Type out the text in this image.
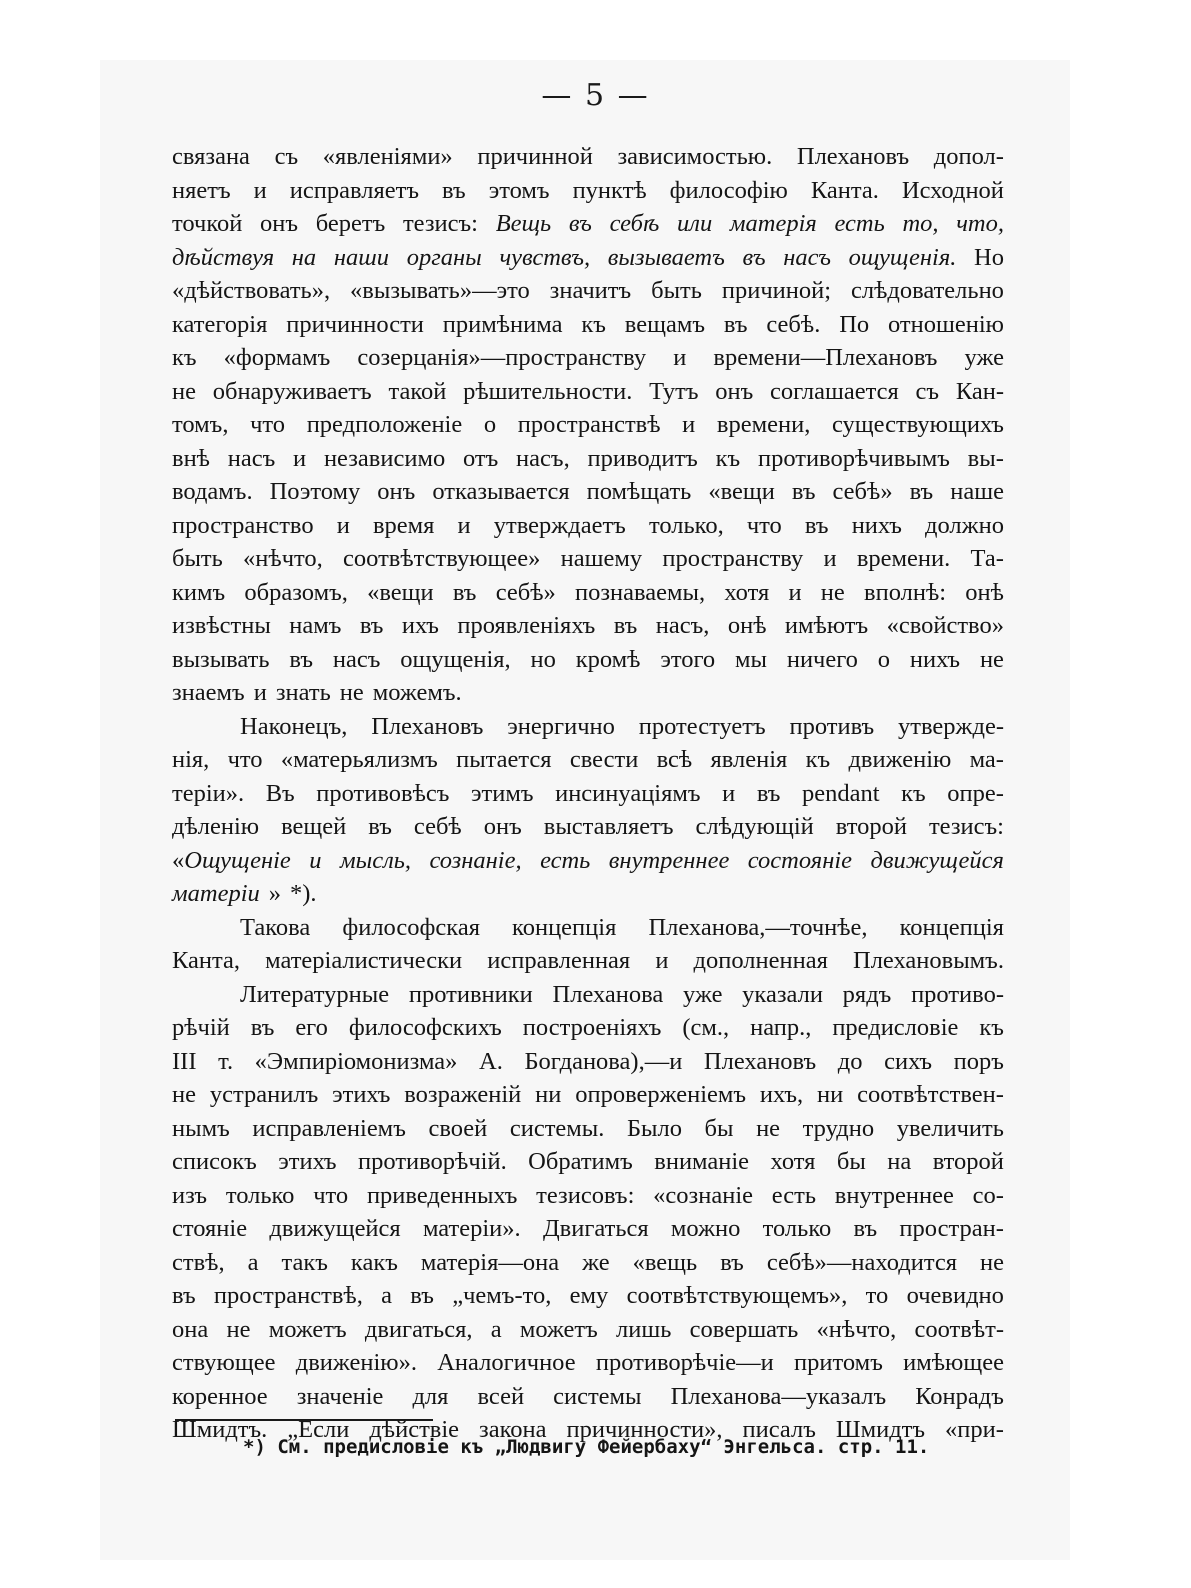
— 5 —
связана съ «явленіями» причинной зависимостью. Плехановъ допол-
няетъ и исправляетъ въ этомъ пунктѣ философію Канта. Исходной
точкой онъ беретъ тезисъ: Вещь въ себѣ или матерія есть то, что,
дѣйствуя на наши органы чувствъ, вызываетъ въ насъ ощущенія. Но
«дѣйствовать», «вызывать»—это значитъ быть причиной; слѣдовательно
категорія причинности примѣнима къ вещамъ въ себѣ. По отношенію
къ «формамъ созерцанія»—пространству и времени—Плехановъ уже
не обнаруживаетъ такой рѣшительности. Тутъ онъ соглашается съ Кан-
томъ, что предположеніе о пространствѣ и времени, существующихъ
внѣ насъ и независимо отъ насъ, приводитъ къ противорѣчивымъ вы-
водамъ. Поэтому онъ отказывается помѣщать «вещи въ себѣ» въ наше
пространство и время и утверждаетъ только, что въ нихъ должно
быть «нѣчто, соотвѣтствующее» нашему пространству и времени. Та-
кимъ образомъ, «вещи въ себѣ» познаваемы, хотя и не вполнѣ: онѣ
извѣстны намъ въ ихъ проявленіяхъ въ насъ, онѣ имѣютъ «свойство»
вызывать въ насъ ощущенія, но кромѣ этого мы ничего о нихъ не
знаемъ и знать не можемъ.
Наконецъ, Плехановъ энергично протестуетъ противъ утвержде-
нія, что «матерьялизмъ пытается свести всѣ явленія къ движенію ма-
теріи». Въ противовѣсъ этимъ инсинуаціямъ и въ pendant къ опре-
дѣленію вещей въ себѣ онъ выставляетъ слѣдующій второй тезисъ:
«Ощущеніе и мысль, сознаніе, есть внутреннее состояніе движущейся
матеріи » *).
Такова философская концепція Плеханова,—точнѣе, концепція
Канта, матеріалистически исправленная и дополненная Плехановымъ.
Литературные противники Плеханова уже указали рядъ противо-
рѣчій въ его философскихъ построеніяхъ (см., напр., предисловіе къ
III т. «Эмпиріомонизма» А. Богданова),—и Плехановъ до сихъ поръ
не устранилъ этихъ возраженій ни опроверженіемъ ихъ, ни соотвѣтствен-
нымъ исправленіемъ своей системы. Было бы не трудно увеличить
списокъ этихъ противорѣчій. Обратимъ вниманіе хотя бы на второй
изъ только что приведенныхъ тезисовъ: «сознаніе есть внутреннее со-
стояніе движущейся матеріи». Двигаться можно только въ простран-
ствѣ, а такъ какъ матерія—она же «вещь въ себѣ»—находится не
въ пространствѣ, а въ „чемъ-то, ему соотвѣтствующемъ», то очевидно
она не можетъ двигаться, а можетъ лишь совершать «нѣчто, соотвѣт-
ствующее движенію». Аналогичное противорѣчіе—и притомъ имѣющее
коренное значеніе для всей системы Плеханова—указалъ Конрадъ
Шмидтъ. „Если дѣйствіе закона причинности», писалъ Шмидтъ «при-
*) См. предисловіе къ „Людвигу Фейербаху“ Энгельса. стр. 11.
